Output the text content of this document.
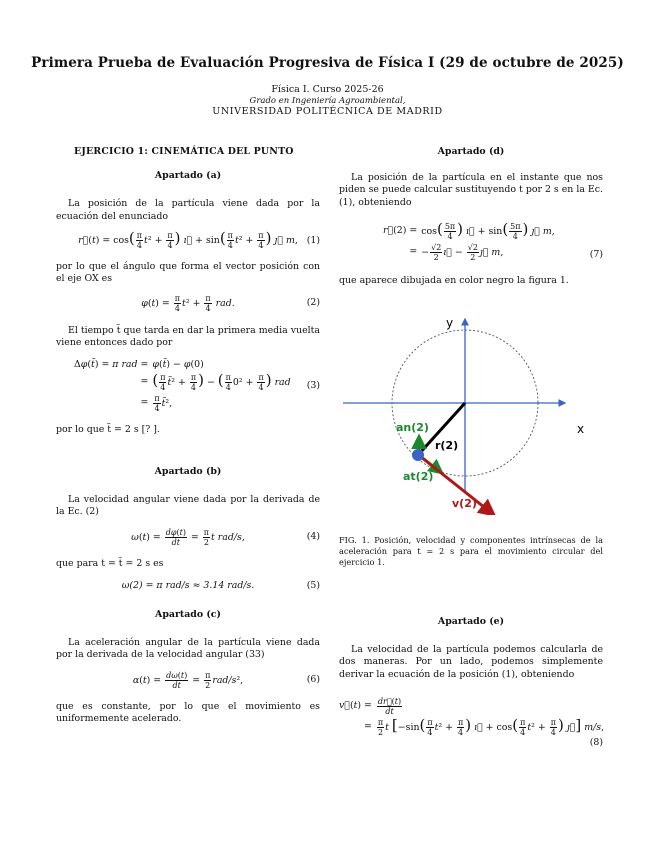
Primera Prueba de Evaluación Progresiva de Física I (29 de octubre de 2025)
Física I. Curso 2025-26
Grado en Ingeniería Agroambiental,
UNIVERSIDAD POLITÉCNICA DE MADRID
EJERCICIO 1: CINEMÁTICA DEL PUNTO
Apartado (a)

La posición de la partícula viene dada por la ecuación del enunciado

r⃗(t) = $\cos( \frac{\pi}{4} t^2 + \frac{\pi}{4}$ ) ı⃗ + $\sin( \frac{\pi}{4} t^2 + \frac{\pi}{4}$ ) ȷ⃗ m, (1)

por lo que el ángulo que forma el vector posición con el eje OX es

$\varphi(t) = \frac{\pi}{4} t^2 + \frac{\pi}{4}$ rad.	(2)

El tiempo t̃ que tarda en dar la primera media vuelta viene entonces dado por

Δφ(t̃) = π rad = φ(t̃) − φ(0)
= ( $\frac{\pi}{4}$ t̃² + $\frac{\pi}{4}$ ) − ( $\frac{\pi}{4} 0^2 + \frac{\pi}{4}$ ) rad
= $\frac{\pi}{4}$ t̃²,
(3)

por lo que t̃ = 2 s [? ].

Apartado (b)

La velocidad angular viene dada por la derivada de la Ec. (2)

$\omega(t) = \frac{d\varphi(t)}{dt} = \frac{\pi}{2}$ t rad/s,	(4)

que para t = t̃ = 2 s es

ω(2) = π rad/s ≈ 3.14 rad/s.	(5)
Apartado (c)

La aceleración angular de la partícula viene dada por la derivada de la velocidad angular (33)

$\alpha(t) = \frac{d\omega(t)}{dt} = \frac{\pi}{2} rad/s^2$,	(6)

que es constante, por lo que el movimiento es uniformemente acelerado.

Apartado (d)

La posición de la partícula en el instante que nos piden se puede calcular sustituyendo t por 2 s en la Ec. (1), obteniendo

r⃗(2) = $\cos( \frac{5\pi}{4}$ ) ı⃗ + $\sin( \frac{5\pi}{4}$ ) ȷ⃗ m,
= − $\frac{√2}{2}$ ı⃗ − $\frac{√2}{2}$ ȷ⃗ m,	(7)

que aparece dibujada en color negro la figura 1.

y
x
an(2)
r(2)
at(2)
v(2)
FIG. 1. Posición, velocidad y componentes intrínsecas de la aceleración para t = 2 s para el movimiento circular del ejercicio 1.
Apartado (e)

La velocidad de la partícula podemos calcularla de dos maneras. Por un lado, podemos simplemente derivar la ecuación de la posición (1), obteniendo

v⃗(t) = $\frac{dr⃗(t)}{dt}$
= $\frac{\pi}{2}$ t [$-\sin( \frac{\pi}{4} t^2 + \frac{\pi}{4}$ ) ı⃗ + $\cos( \frac{\pi}{4} t^2 + \frac{\pi}{4}$ ) ȷ⃗] m/s,
(8)
